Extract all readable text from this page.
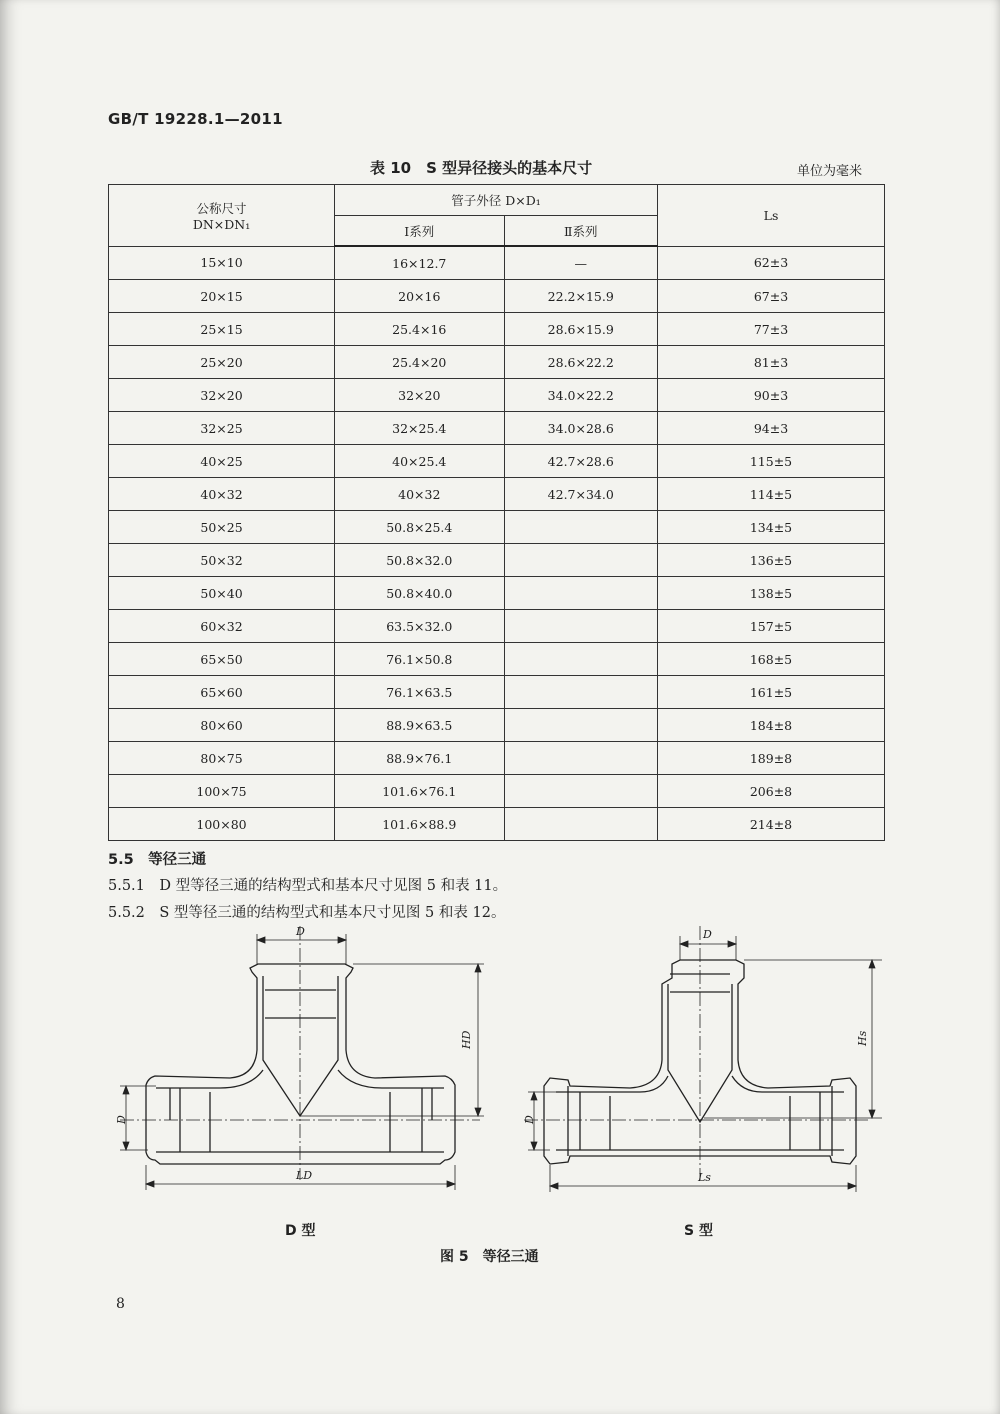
GB/T 19228.1—2011
表 10　S 型异径接头的基本尺寸	单位为毫米
公称尺寸
DN×DN₁	管子外径 D×D₁		Ls
	Ⅰ系列	Ⅱ系列	
15×10	16×12.7	—	62±3
20×15	20×16	22.2×15.9	67±3
25×15	25.4×16	28.6×15.9	77±3
25×20	25.4×20	28.6×22.2	81±3
32×20	32×20	34.0×22.2	90±3
32×25	32×25.4	34.0×28.6	94±3
40×25	40×25.4	42.7×28.6	115±5
40×32	40×32	42.7×34.0	114±5
50×25	50.8×25.4		134±5
50×32	50.8×32.0		136±5
50×40	50.8×40.0		138±5
60×32	63.5×32.0		157±5
65×50	76.1×50.8		168±5
65×60	76.1×63.5		161±5
80×60	88.9×63.5		184±8
80×75	88.9×76.1		189±8
100×75	101.6×76.1		206±8
100×80	101.6×88.9		214±8
5.5　等径三通
5.5.1　D 型等径三通的结构型式和基本尺寸见图 5 和表 11。
5.5.2　S 型等径三通的结构型式和基本尺寸见图 5 和表 12。
D
HD
D
LD
D
Hs
D
Ls
D 型	S 型
图 5　等径三通
8
